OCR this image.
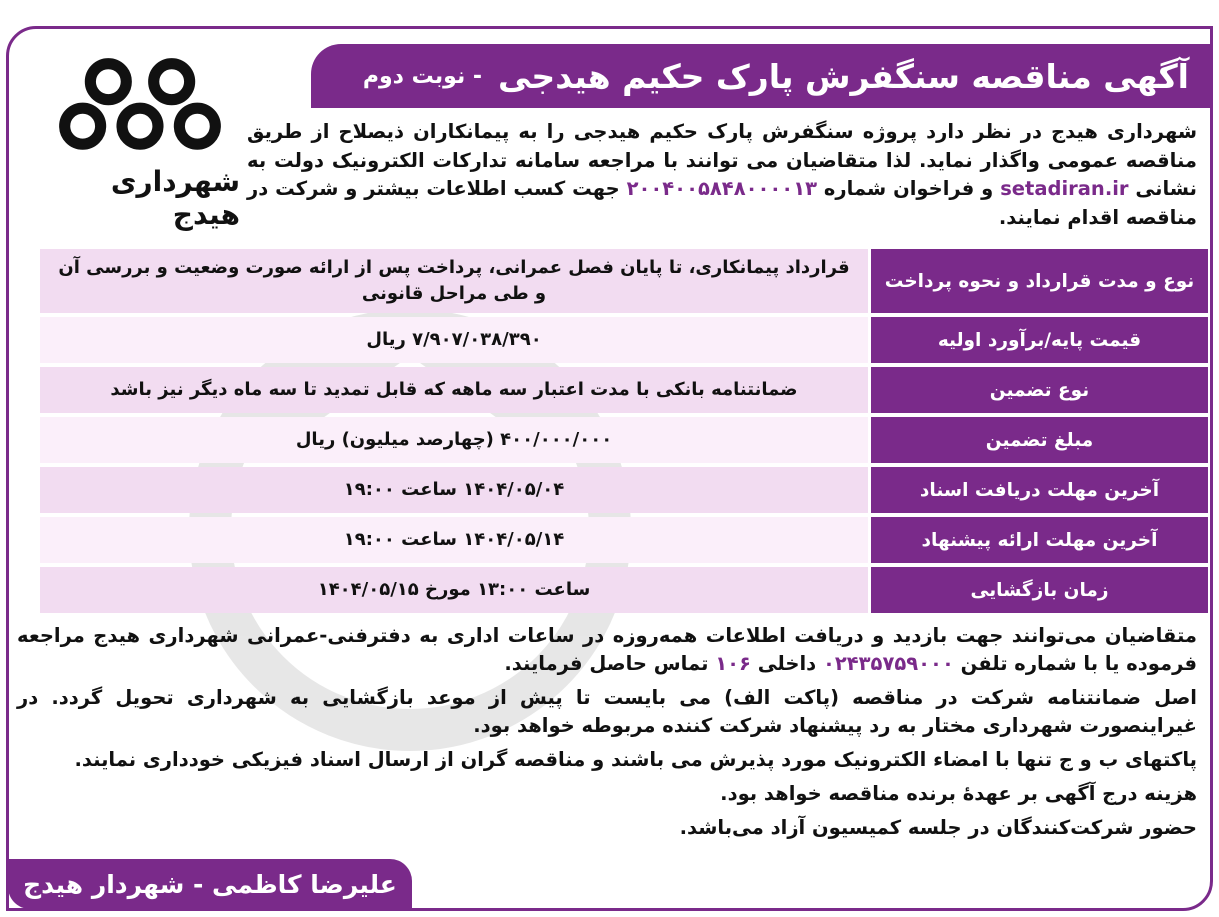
آگهی مناقصه سنگفرش پارک حکیم هیدجی
- نوبت دوم
شهرداری هیدج
شهرداری هیدج در نظر دارد پروژه سنگفرش پارک حکیم هیدجی را به پیمانکاران ذیصلاح از طریق مناقصه عمومی واگذار نماید. لذا متقاضیان می توانند با مراجعه سامانه تدارکات الکترونیک دولت به نشانی setadiran.ir و فراخوان شماره ۲۰۰۴۰۰۵۸۴۸۰۰۰۰۱۳ جهت کسب اطلاعات بیشتر و شرکت در مناقصه اقدام نمایند.
نوع و مدت قرارداد و نحوه پرداخت
قرارداد پیمانکاری، تا پایان فصل عمرانی، پرداخت پس از ارائه صورت وضعیت و بررسی آن و طی مراحل قانونی
قیمت پایه/برآورد اولیه
۷/۹۰۷/۰۳۸/۳۹۰ ریال
نوع تضمین
ضمانتنامه بانکی با مدت اعتبار سه ماهه که قابل تمدید تا سه ماه دیگر نیز باشد
مبلغ تضمین
۴۰۰/۰۰۰/۰۰۰ (چهارصد میلیون) ریال
آخرین مهلت دریافت اسناد
۱۴۰۴/۰۵/۰۴ ساعت ۱۹:۰۰
آخرین مهلت ارائه پیشنهاد
۱۴۰۴/۰۵/۱۴ ساعت ۱۹:۰۰
زمان بازگشایی
ساعت ۱۳:۰۰ مورخ ۱۴۰۴/۰۵/۱۵

متقاضیان می‌توانند جهت بازدید و دریافت اطلاعات همه‌روزه در ساعات اداری به دفترفنی-عمرانی شهرداری هیدج مراجعه فرموده یا با شماره تلفن ۰۲۴۳۵۷۵۹۰۰۰ داخلی ۱۰۶ تماس حاصل فرمایند.

اصل ضمانتنامه شرکت در مناقصه (پاکت الف) می بایست تا پیش از موعد بازگشایی به شهرداری تحویل گردد. در غیراینصورت شهرداری مختار به رد پیشنهاد شرکت کننده مربوطه خواهد بود.

پاکتهای ب و ج تنها با امضاء الکترونیک مورد پذیرش می باشند و مناقصه گران از ارسال اسناد فیزیکی خودداری نمایند.

هزینه درج آگهی بر عهدهٔ برنده مناقصه خواهد بود.

حضور شرکت‌کنندگان در جلسه کمیسیون آزاد می‌باشد.

علیرضا کاظمی - شهردار هیدج
